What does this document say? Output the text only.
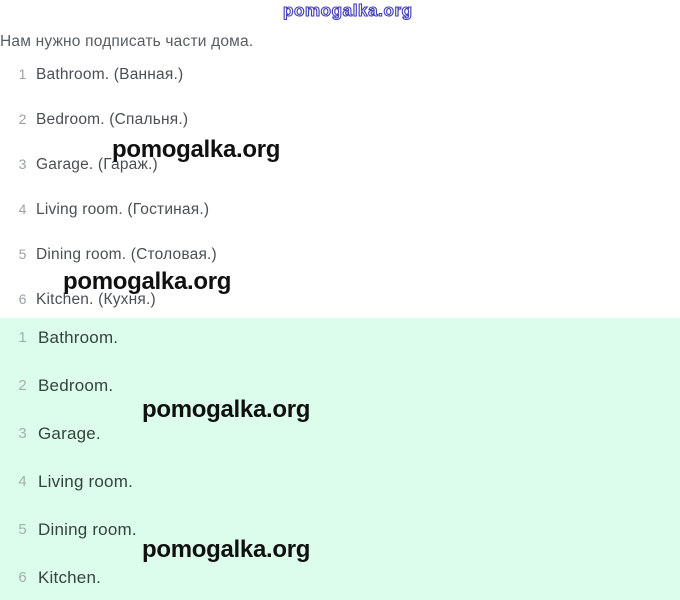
pomogalka.org
Нам нужно подписать части дома.
1 Bathroom. (Ванная.)
2 Bedroom. (Спальня.)
3 Garage. (Гараж.)
4 Living room. (Гостиная.)
5 Dining room. (Столовая.)
6 Kitchen. (Кухня.)
1 Bathroom.
2 Bedroom.
3 Garage.
4 Living room.
5 Dining room.
6 Kitchen.
pomogalka.org
pomogalka.org
pomogalka.org
pomogalka.org
